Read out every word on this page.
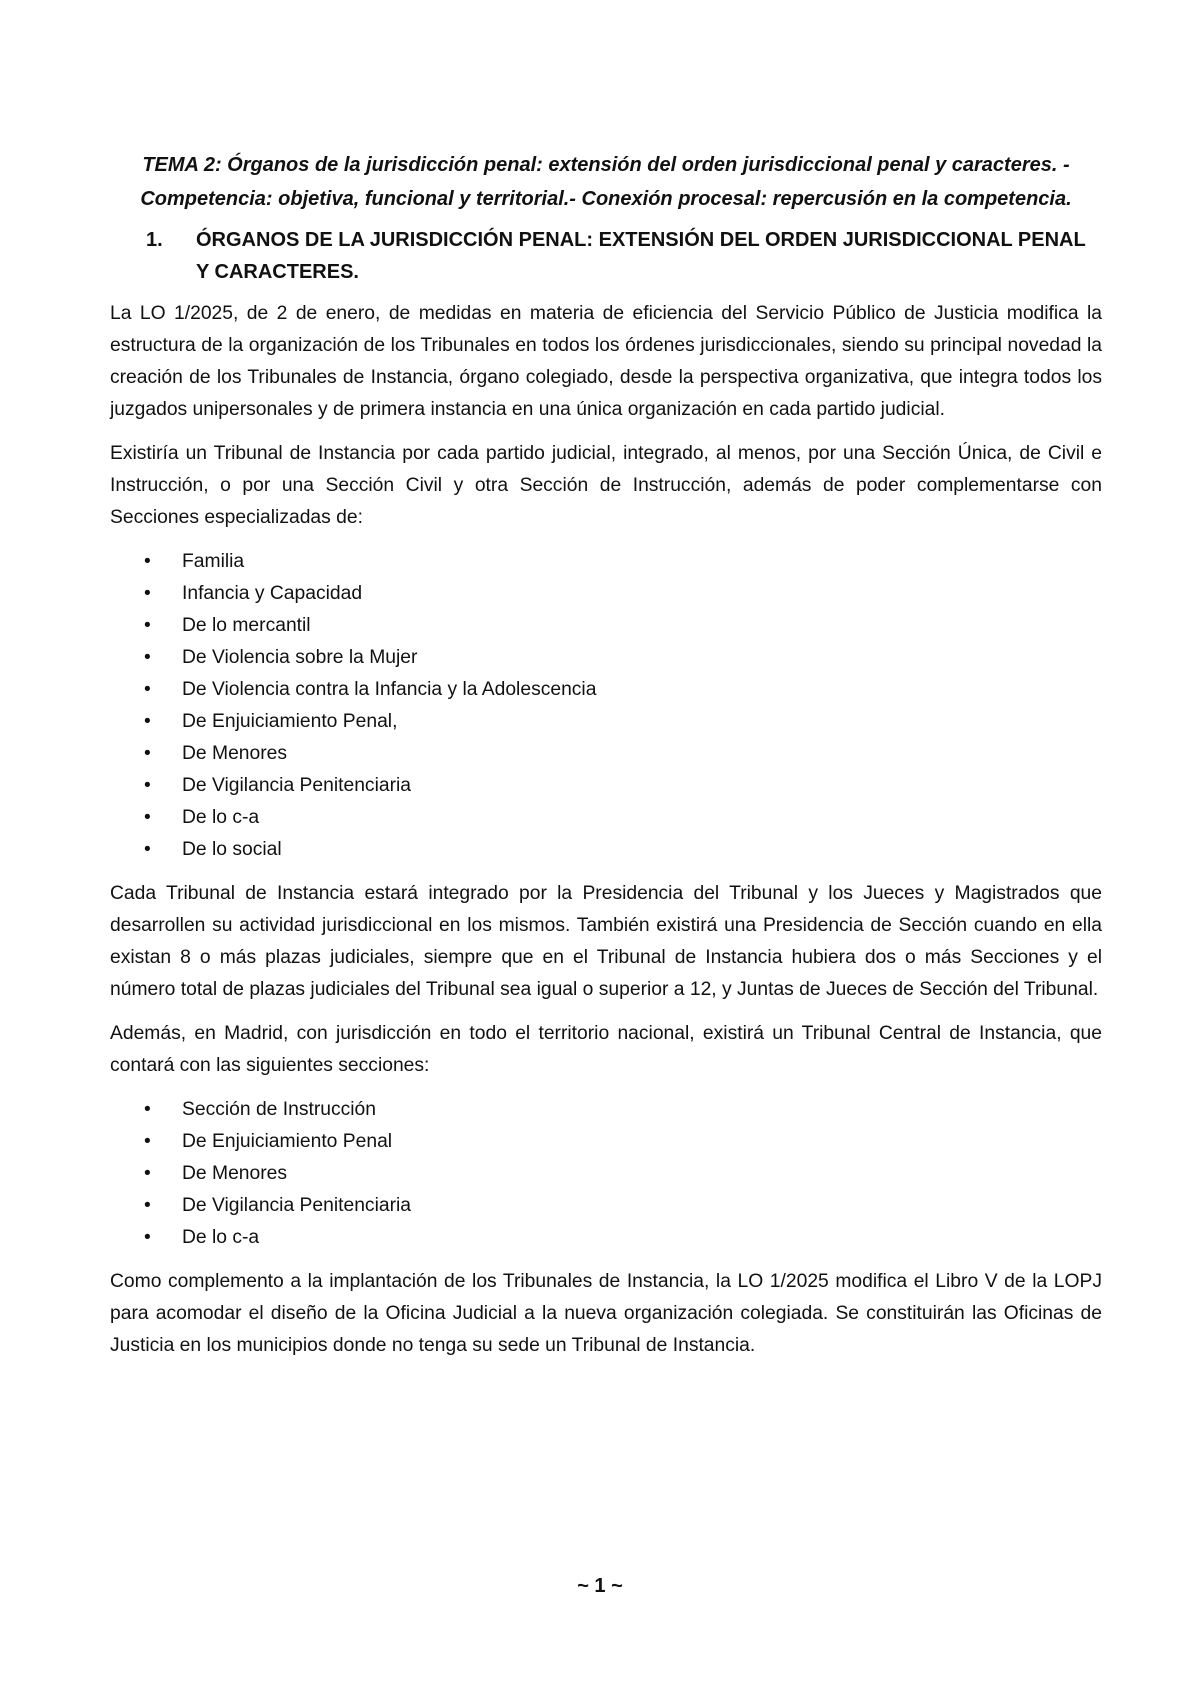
TEMA 2: Órganos de la jurisdicción penal: extensión del orden jurisdiccional penal y caracteres. - Competencia: objetiva, funcional y territorial.- Conexión procesal: repercusión en la competencia.
1.	ÓRGANOS DE LA JURISDICCIÓN PENAL: EXTENSIÓN DEL ORDEN JURISDICCIONAL PENAL Y CARACTERES.

La LO 1/2025, de 2 de enero, de medidas en materia de eficiencia del Servicio Público de Justicia modifica la estructura de la organización de los Tribunales en todos los órdenes jurisdiccionales, siendo su principal novedad la creación de los Tribunales de Instancia, órgano colegiado, desde la perspectiva organizativa, que integra todos los juzgados unipersonales y de primera instancia en una única organización en cada partido judicial.

Existiría un Tribunal de Instancia por cada partido judicial, integrado, al menos, por una Sección Única, de Civil e Instrucción, o por una Sección Civil y otra Sección de Instrucción, además de poder complementarse con Secciones especializadas de:

• Familia
• Infancia y Capacidad
• De lo mercantil
• De Violencia sobre la Mujer
• De Violencia contra la Infancia y la Adolescencia
• De Enjuiciamiento Penal,
• De Menores
• De Vigilancia Penitenciaria
• De lo c-a
• De lo social

Cada Tribunal de Instancia estará integrado por la Presidencia del Tribunal y los Jueces y Magistrados que desarrollen su actividad jurisdiccional en los mismos. También existirá una Presidencia de Sección cuando en ella existan 8 o más plazas judiciales, siempre que en el Tribunal de Instancia hubiera dos o más Secciones y el número total de plazas judiciales del Tribunal sea igual o superior a 12, y Juntas de Jueces de Sección del Tribunal.

Además, en Madrid, con jurisdicción en todo el territorio nacional, existirá un Tribunal Central de Instancia, que contará con las siguientes secciones:

• Sección de Instrucción
• De Enjuiciamiento Penal
• De Menores
• De Vigilancia Penitenciaria
• De lo c-a

Como complemento a la implantación de los Tribunales de Instancia, la LO 1/2025 modifica el Libro V de la LOPJ para acomodar el diseño de la Oficina Judicial a la nueva organización colegiada. Se constituirán las Oficinas de Justicia en los municipios donde no tenga su sede un Tribunal de Instancia.

~ 1 ~
